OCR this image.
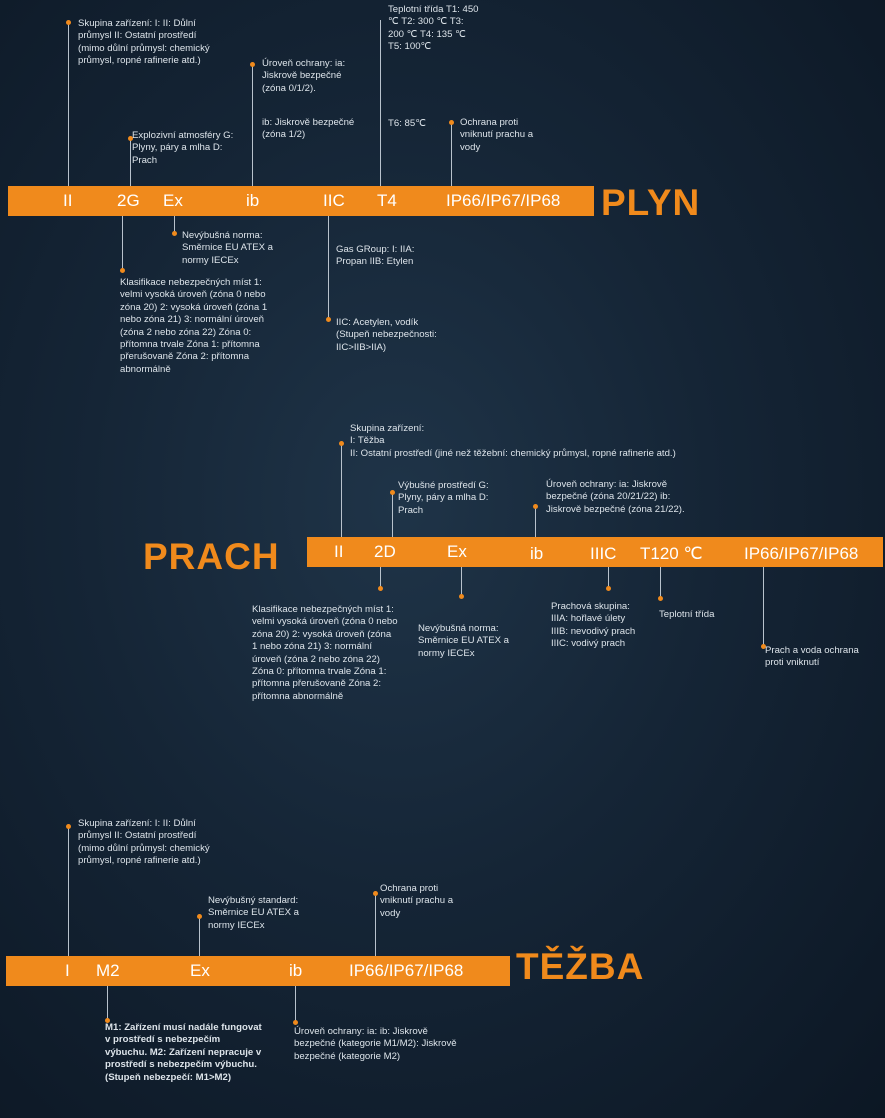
PLYN
II	2G Ex	ib	IIC T4	IP66/IP67/IP68
Skupina zařízení: I: II: Důlní průmysl II: Ostatní prostředí (mimo důlní průmysl: chemický průmysl, ropné rafinerie atd.)
Explozivní atmosféry G: Plyny, páry a mlha D: Prach
Úroveň ochrany: ia: Jiskrově bezpečné (zóna 0/1/2).
ib: Jiskrově bezpečné (zóna 1/2)
Teplotní třída T1: 450 ℃ T2: 300 ℃ T3: 200 ℃ T4: 135 ℃ T5: 100℃
T6: 85℃	Ochrana proti vniknutí prachu a vody
Nevýbušná norma: Směrnice EU ATEX a normy IECEx
Klasifikace nebezpečných míst 1: velmi vysoká úroveň (zóna 0 nebo zóna 20) 2: vysoká úroveň (zóna 1 nebo zóna 21) 3: normální úroveň (zóna 2 nebo zóna 22) Zóna 0: přítomna trvale Zóna 1: přítomna přerušovaně Zóna 2: přítomna abnormálně
Gas GRoup: I: IIA: Propan IIB: Etylen
IIC: Acetylen, vodík (Stupeň nebezpečnosti: IIC>IIB>IIA)
PRACH	II 2D	Ex	ib	IIIC T120 ℃ IP66/IP67/IP68
Skupina zařízení:
I: Těžba
II: Ostatní prostředí (jiné než těžební: chemický průmysl, ropné rafinerie atd.)
Výbušné prostředí G: Plyny, páry a mlha D: Prach
Úroveň ochrany: ia: Jiskrově bezpečné (zóna 20/21/22) ib: Jiskrově bezpečné (zóna 21/22).
Klasifikace nebezpečných míst 1: velmi vysoká úroveň (zóna 0 nebo zóna 20) 2: vysoká úroveň (zóna 1 nebo zóna 21) 3: normální úroveň (zóna 2 nebo zóna 22) Zóna 0: přítomna trvale Zóna 1: přítomna přerušovaně Zóna 2: přítomna abnormálně
Nevýbušná norma: Směrnice EU ATEX a normy IECEx
Prachová skupina:
IIIA: hořlavé úlety
IIIB: nevodivý prach
IIIC: vodivý prach
Teplotní třída
Prach a voda ochrana proti vniknutí
TĚŽBA
I M2	Ex	ib	IP66/IP67/IP68
Skupina zařízení: I: II: Důlní průmysl II: Ostatní prostředí (mimo důlní průmysl: chemický průmysl, ropné rafinerie atd.)
Nevýbušný standard: Směrnice EU ATEX a normy IECEx
Ochrana proti vniknutí prachu a vody
M1: Zařízení musí nadále fungovat v prostředí s nebezpečím výbuchu. M2: Zařízení nepracuje v prostředí s nebezpečím výbuchu. (Stupeň nebezpečí: M1>M2)
Úroveň ochrany: ia: ib: Jiskrově bezpečné (kategorie M1/M2): Jiskrově bezpečné (kategorie M2)
